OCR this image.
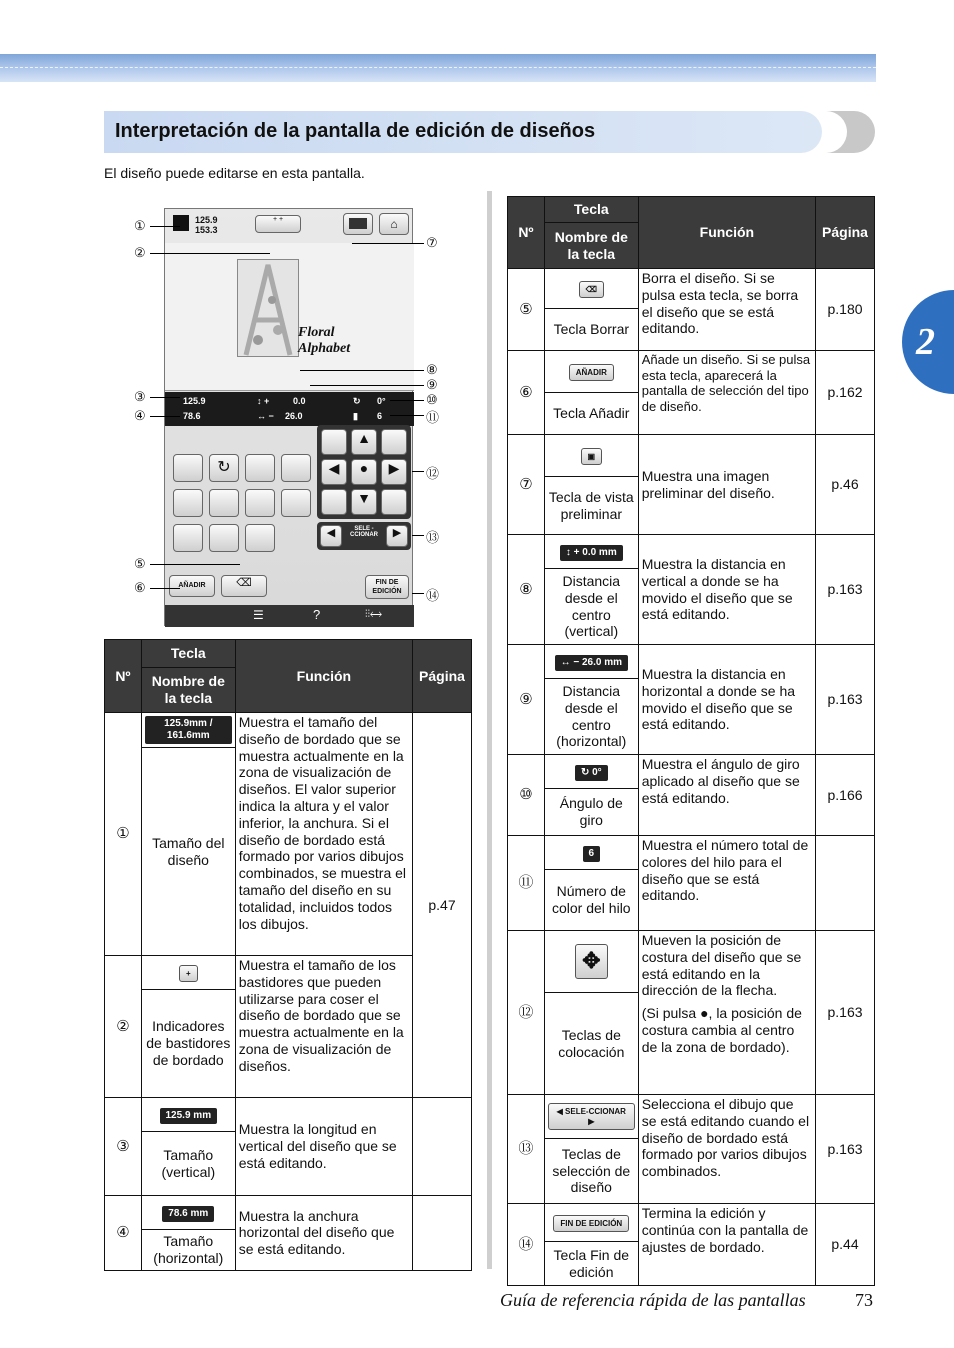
Interpretación de la pantalla de edición de diseños

El diseño puede editarse en esta pantalla.

2
125.9
153.3
+ +	⌂
Floral
Alphabet
125.9
78.6
↕ +	0.0
↔ − 26.0
↻ 0°
▮ 6
↻
▲
◀	●	▶
▼
◀	SELE -
CCIONAR	▶
AÑADIR	⌫	FIN DE
EDICIÓN
☰	?	⫶⫶⟷
①
②
③
④
⑤
⑥
⑦
⑧
⑨
⑩
⑪
⑫
⑬
⑭
Nº	Tecla	Función	Página
	Nombre de la tecla		
①	125.9mm / 161.6mm	Muestra el tamaño del diseño de bordado que se muestra actualmente en la zona de visualización de diseños. El valor superior indica la altura y el valor inferior, la anchura. Si el diseño de bordado está formado por varios dibujos combinados, se muestra el tamaño del diseño en su totalidad, incluidos todos los dibujos.	p.47
	Tamaño del diseño		
②	+	Muestra el tamaño de los bastidores que pueden utilizarse para coser el diseño de bordado que se muestra actualmente en la zona de visualización de diseños.	
	Indicadores de bastidores de bordado		
③	125.9 mm	Muestra la longitud en vertical del diseño que se está editando.	
	Tamaño (vertical)		
④	78.6 mm	Muestra la anchura horizontal del diseño que se está editando.	
	Tamaño (horizontal)		
Nº	Tecla	Función	Página
	Nombre de la tecla		
⑤	⌫	Borra el diseño. Si se pulsa esta tecla, se borra el diseño que se está editando.	p.180
	Tecla Borrar		
⑥	AÑADIR	Añade un diseño. Si se pulsa esta tecla, aparecerá la pantalla de selección del tipo de diseño.	p.162
	Tecla Añadir		
⑦	▣	Muestra una imagen preliminar del diseño.	p.46
	Tecla de vista preliminar		
⑧	↕ + 0.0 mm	Muestra la distancia en vertical a donde se ha movido el diseño que se está editando.	p.163
	Distancia desde el centro (vertical)		
⑨	↔ − 26.0 mm	Muestra la distancia en horizontal a donde se ha movido el diseño que se está editando.	p.163
	Distancia desde el centro (horizontal)		
⑩	↻ 0°	Muestra el ángulo de giro aplicado al diseño que se está editando.	p.166
	Ángulo de giro		
⑪	6	Muestra el número total de colores del hilo para el diseño que se está editando.	
	Número de color del hilo		
⑫	✥	Mueven la posición de costura del diseño que se está editando en la dirección de la flecha.
(Si pulsa ●, la posición de costura cambia al centro de la zona de bordado).	p.163
	Teclas de colocación		
⑬	◀ SELE-CCIONAR ▶	Selecciona el dibujo que se está editando cuando el diseño de bordado está formado por varios dibujos combinados.	p.163
	Teclas de selección de diseño		
⑭	FIN DE EDICIÓN	Termina la edición y continúa con la pantalla de ajustes de bordado.	p.44
	Tecla Fin de edición		
Guía de referencia rápida de las pantallas	73
